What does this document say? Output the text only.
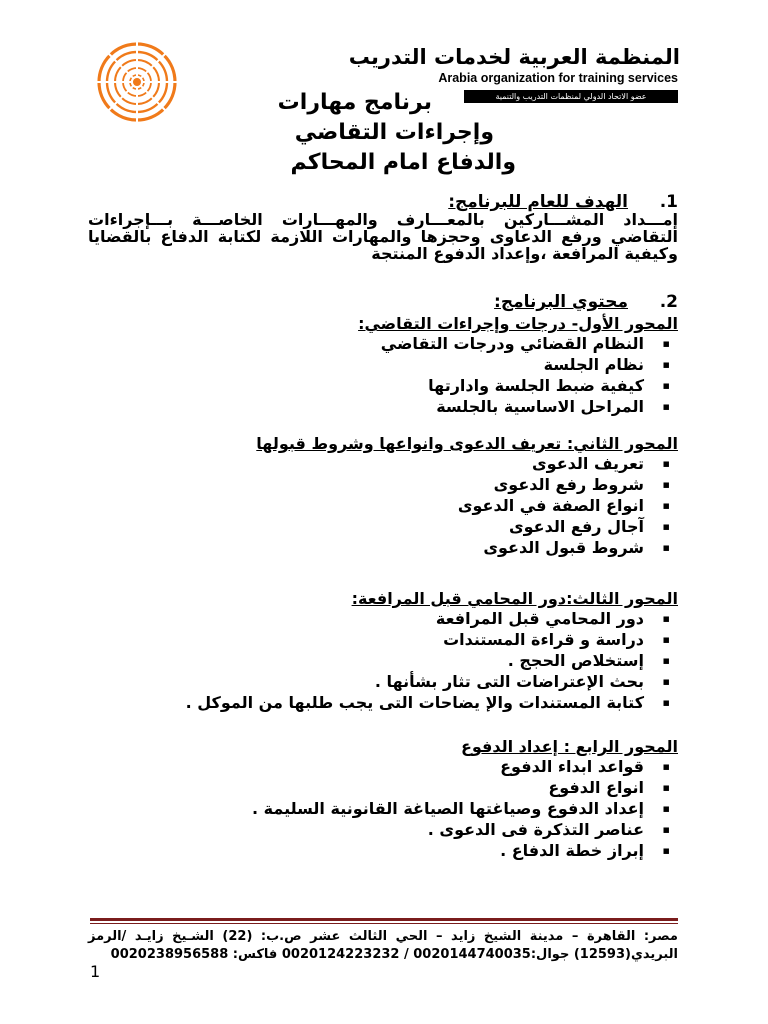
المنظمة العربية لخدمات التدريب
Arabia organization for training services
عضو الاتحاد الدولي لمنظمات التدريب والتنمية
برنامج مهارات
وإجراءات التقاضي
والدفاع امام المحاكم
1.الهدف للعام للبرنامج:
إمـــداد المشـــاركين بالمعـــارف والمهـــارات الخاصـــة بـــإجراءات التقاضي ورفع الدعاوى وحجزها والمهارات اللازمة لكتابة الدفاع بالقضايا وكيفية المرافعة ،وإعداد الدفوع المنتجة
2.محتوي البرنامج:
المحور الأول- درجات وإجراءات التقاضي:
▪ النظام القضائي ودرجات التقاضي
▪ نظام الجلسة
▪ كيفية ضبط الجلسة وادارتها
▪ المراحل الاساسية بالجلسة
المحور الثاني: تعريف الدعوى وانواعها وشروط قبولها
▪ تعريف الدعوى
▪ شروط رفع الدعوى
▪ انواع الصفة في الدعوى
▪ آجال رفع الدعوى
▪ شروط قبول الدعوى
المحور الثالث:دور المحامي قبل المرافعة:
▪ دور المحامي قبل المرافعة
▪ دراسة و قراءة المستندات
▪ إستخلاص الحجج .
▪ بحث الإعتراضات التى تثار بشأنها .
▪ كتابة المستندات والإ يضاحات التى يجب طلبها من الموكل .
المحور الرابع : إعداد الدفوع
▪ قواعد ابداء الدفوع
▪ انواع الدفوع
▪ إعداد الدفوع وصياغتها الصياغة القانونية السليمة .
▪ عناصر التذكرة فى الدعوى .
▪ إبراز خطة الدفاع .
مصر: القاهرة – مدينة الشيخ زايد – الحي الثالث عشر ص.ب: (22) الشـيخ زايـد /الرمز البريدي(12593) جوال:0020144740035 / 0020124223232 فاكس: 0020238956588
1
